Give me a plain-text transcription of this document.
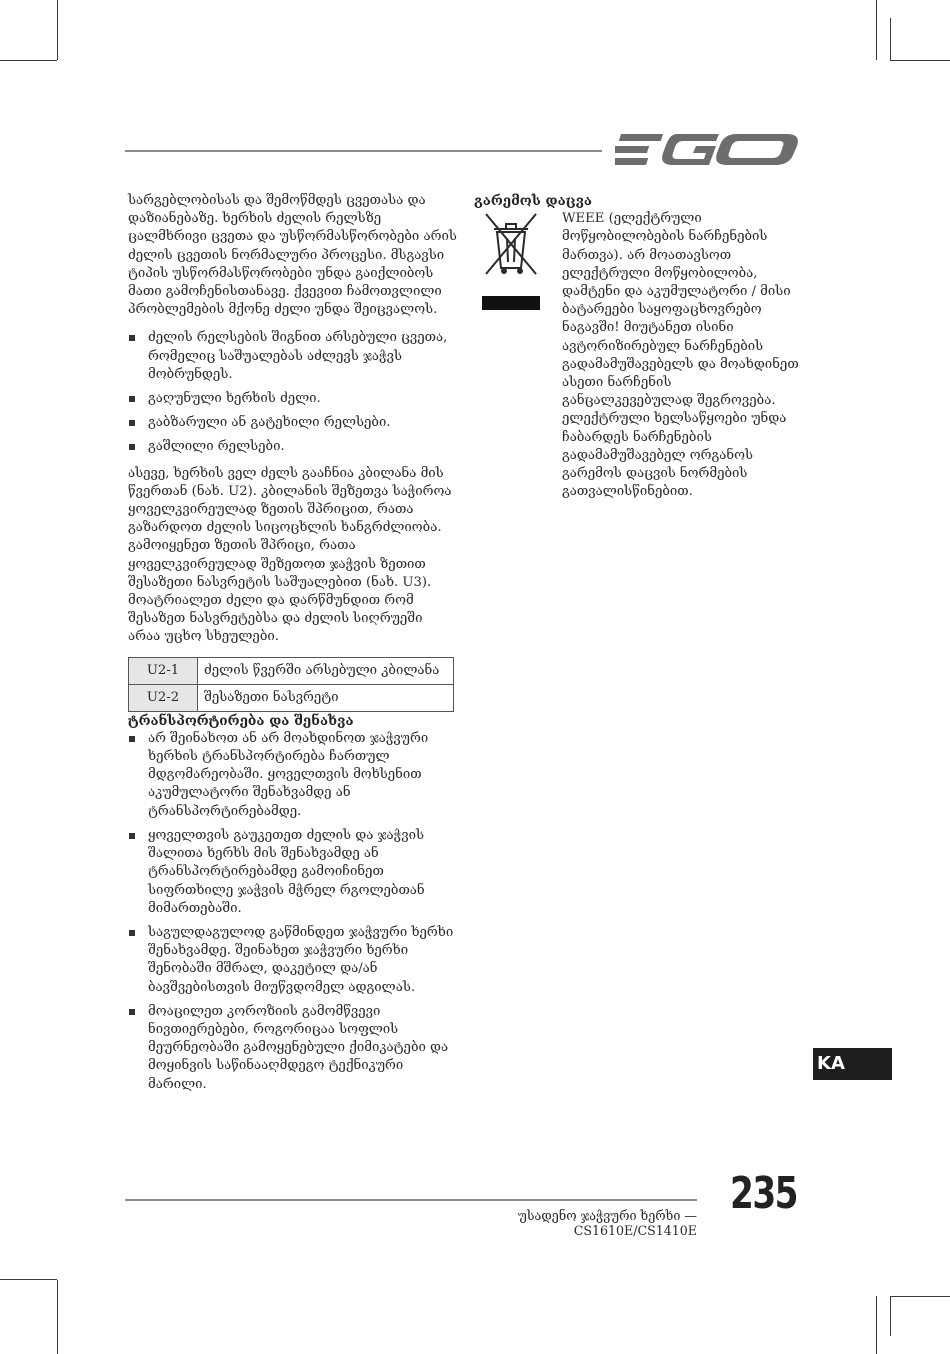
სარგებლობისას და შემოწმდეს ცვეთასა და დაზიანებაზე. ხერხის ძელის რელსზე ცალმხრივი ცვეთა და უსწორმასწორობები არის ძელის ცვეთის ნორმალური პროცესი. მსგავსი ტიპის უსწორმასწორობები უნდა გაიქლიბოს მათი გამოჩენისთანავე. ქვევით ჩამოთვლილი პრობლემების მქონე ძელი უნდა შეიცვალოს.

ძელის რელსების შიგნით არსებული ცვეთა, რომელიც საშუალებას აძლევს ჯაჭვს მობრუნდეს.
გაღუნული ხერხის ძელი.
გაბზარული ან გატეხილი რელსები.
გაშლილი რელსები.

ასევე, ხერხის ველ ძელს გააჩნია კბილანა მის წვერთან (ნახ. U2). კბილანის შეზეთვა საჭიროა ყოველკვირეულად ზეთის შპრიცით, რათა გაზარდოთ ძელის სიცოცხლის ხანგრძლიობა. გამოიყენეთ ზეთის შპრიცი, რათა ყოველკვირეულად შეზეთოთ ჯაჭვის ზეთით შესაზეთი ნასვრეტის საშუალებით (ნახ. U3). მოატრიალეთ ძელი და დარწმუნდით რომ შესაზეთ ნასვრეტებსა და ძელის სიღრუეში არაა უცხო სხეულები.

U2-1	ძელის წვერში არსებული კბილანა
U2-2	შესაზეთი ნასვრეტი
ტრანსპორტირება და შენახვა
არ შეინახოთ ან არ მოახდინოთ ჯაჭვური ხერხის ტრანსპორტირება ჩართულ მდგომარეობაში. ყოველთვის მოხსენით აკუმულატორი შენახვამდე ან ტრანსპორტირებამდე.
ყოველთვის გაუკეთეთ ძელის და ჯაჭვის შალითა ხერხს მის შენახვამდე ან ტრანსპორტირებამდე გამოიჩინეთ სიფრთხილე ჯაჭვის მჭრელ რგოლებთან მიმართებაში.
საგულდაგულოდ გაწმინდეთ ჯაჭვური ხერხი შენახვამდე. შეინახეთ ჯაჭვური ხერხი შენობაში მშრალ, დაკეტილ და/ან ბავშვებისთვის მიუწვდომელ ადგილას.
მოაცილეთ კოროზიის გამომწვევი ნივთიერებები, როგორიცაა სოფლის მეურნეობაში გამოყენებული ქიმიკატები და მოყინვის საწინააღმდეგო ტექნიკური მარილი.
გარემოს დაცვა

WEEE (ელექტრული მოწყობილობების ნარჩენების მართვა). არ მოათავსოთ ელექტრული მოწყობილობა, დამტენი და აკუმულატორი / მისი ბატარეები საყოფაცხოვრებო ნაგავში! მიუტანეთ ისინი ავტორიზირებულ ნარჩენების გადამამუშავებელს და მოახდინეთ ასეთი ნარჩენის განცალკევებულად შეგროვება. ელექტრული ხელსაწყოები უნდა ჩაბარდეს ნარჩენების გადამამუშავებელ ორგანოს გარემოს დაცვის ნორმების გათვალისწინებით.

KA
235
უსადენო ჯაჭვური ხერხი — CS1610E/CS1410E
